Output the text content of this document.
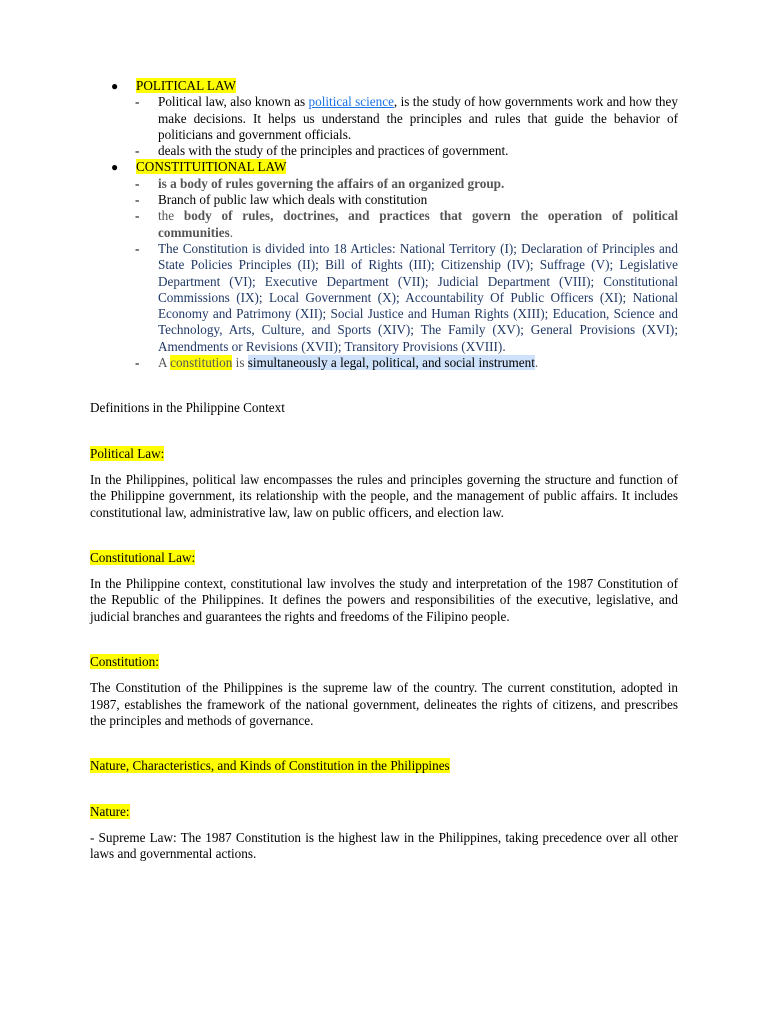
● POLITICAL LAW
- Political law, also known as political science, is the study of how governments work and how they make decisions. It helps us understand the principles and rules that guide the behavior of politicians and government officials.
- deals with the study of the principles and practices of government.
● CONSTITUITIONAL LAW
- is a body of rules governing the affairs of an organized group.
- Branch of public law which deals with constitution
- the body of rules, doctrines, and practices that govern the operation of political communities.
- The Constitution is divided into 18 Articles: National Territory (I); Declaration of Principles and State Policies Principles (II); Bill of Rights (III); Citizenship (IV); Suffrage (V); Legislative Department (VI); Executive Department (VII); Judicial Department (VIII); Constitutional Commissions (IX); Local Government (X); Accountability Of Public Officers (XI); National Economy and Patrimony (XII); Social Justice and Human Rights (XIII); Education, Science and Technology, Arts, Culture, and Sports (XIV); The Family (XV); General Provisions (XVI); Amendments or Revisions (XVII); Transitory Provisions (XVIII).
- A constitution is simultaneously a legal, political, and social instrument.
Definitions in the Philippine Context
Political Law:
In the Philippines, political law encompasses the rules and principles governing the structure and function of the Philippine government, its relationship with the people, and the management of public affairs. It includes constitutional law, administrative law, law on public officers, and election law.
Constitutional Law:
In the Philippine context, constitutional law involves the study and interpretation of the 1987 Constitution of the Republic of the Philippines. It defines the powers and responsibilities of the executive, legislative, and judicial branches and guarantees the rights and freedoms of the Filipino people.
Constitution:
The Constitution of the Philippines is the supreme law of the country. The current constitution, adopted in 1987, establishes the framework of the national government, delineates the rights of citizens, and prescribes the principles and methods of governance.
Nature, Characteristics, and Kinds of Constitution in the Philippines
Nature:
- Supreme Law: The 1987 Constitution is the highest law in the Philippines, taking precedence over all other laws and governmental actions.
